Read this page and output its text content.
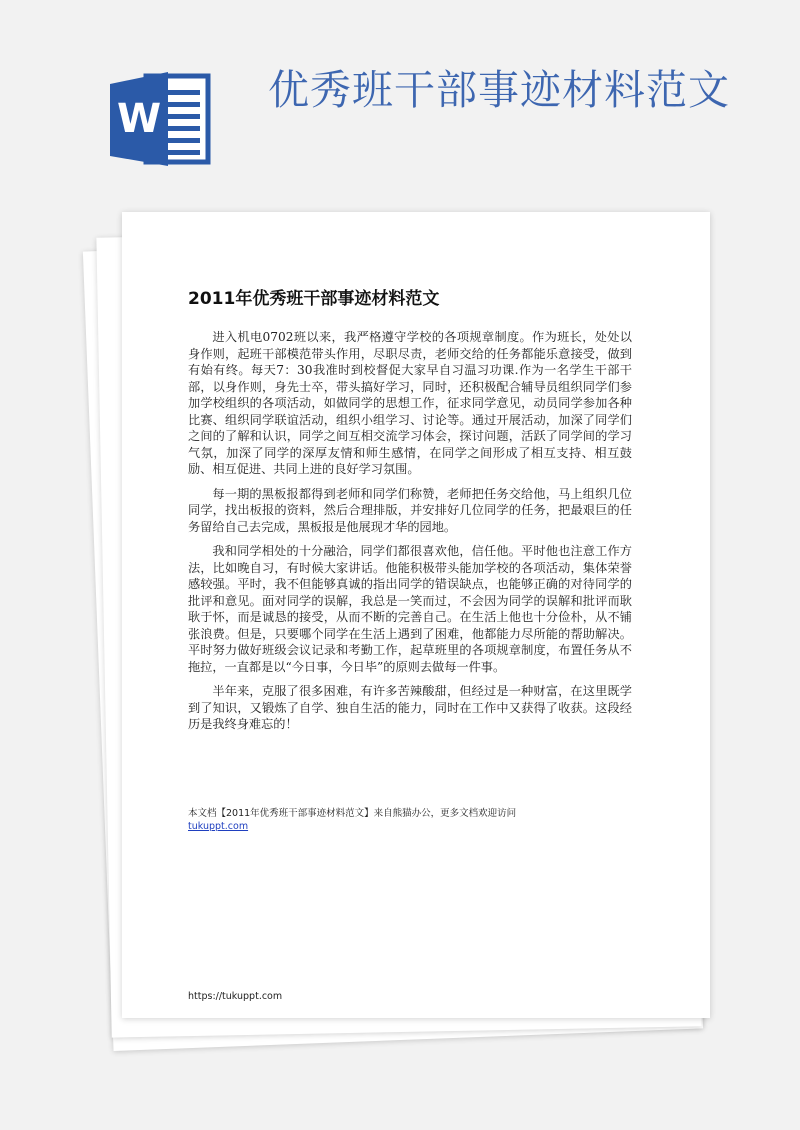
W
优秀班干部事迹材料范文
2011年优秀班干部事迹材料范文

进入机电0702班以来，我严格遵守学校的各项规章制度。作为班长，处处以身作则，起班干部模范带头作用，尽职尽责，老师交给的任务都能乐意接受，做到有始有终。每天7：30我准时到校督促大家早自习温习功课.作为一名学生干部干部，以身作则，身先士卒，带头搞好学习，同时，还积极配合辅导员组织同学们参加学校组织的各项活动，如做同学的思想工作，征求同学意见，动员同学参加各种比赛、组织同学联谊活动，组织小组学习、讨论等。通过开展活动，加深了同学们之间的了解和认识，同学之间互相交流学习体会，探讨问题，活跃了同学间的学习气氛，加深了同学的深厚友情和师生感情，在同学之间形成了相互支持、相互鼓励、相互促进、共同上进的良好学习氛围。

每一期的黑板报都得到老师和同学们称赞，老师把任务交给他，马上组织几位同学，找出板报的资料，然后合理排版，并安排好几位同学的任务，把最艰巨的任务留给自己去完成，黑板报是他展现才华的园地。

我和同学相处的十分融洽，同学们都很喜欢他，信任他。平时他也注意工作方法，比如晚自习，有时候大家讲话。他能积极带头能加学校的各项活动，集体荣誉感较强。平时，我不但能够真诚的指出同学的错误缺点，也能够正确的对待同学的批评和意见。面对同学的误解，我总是一笑而过，不会因为同学的误解和批评而耿耿于怀，而是诚恳的接受，从而不断的完善自己。在生活上他也十分俭朴，从不铺张浪费。但是，只要哪个同学在生活上遇到了困难，他都能力尽所能的帮助解决。平时努力做好班级会议记录和考勤工作，起草班里的各项规章制度，布置任务从不拖拉，一直都是以“今日事，今日毕”的原则去做每一件事。

半年来，克服了很多困难，有许多苦辣酸甜，但经过是一种财富，在这里既学到了知识，又锻炼了自学、独自生活的能力，同时在工作中又获得了收获。这段经历是我终身难忘的！

本文档【2011年优秀班干部事迹材料范文】来自熊猫办公，更多文档欢迎访问
tukuppt.com
https://tukuppt.com
